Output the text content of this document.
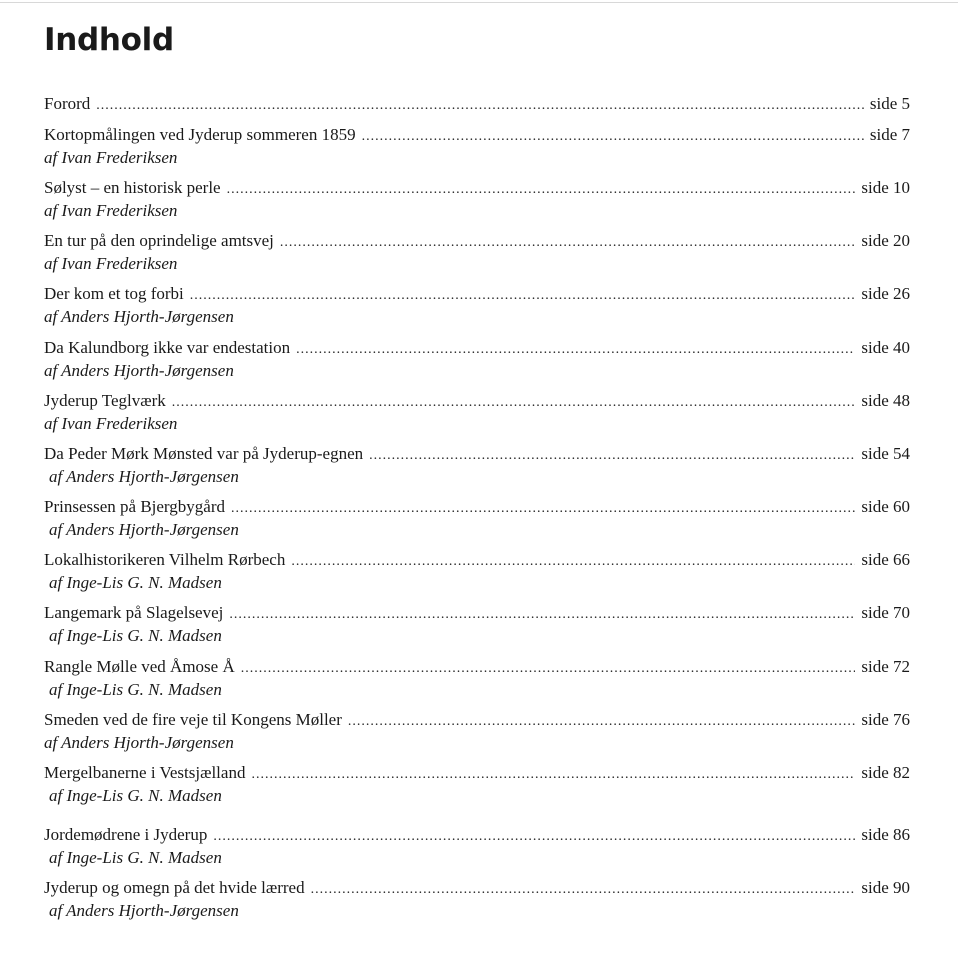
Indhold
Forord .....	side 5
Kortopmålingen ved Jyderup sommeren 1859 .....	side 7
af Ivan Frederiksen
Sølyst – en historisk perle .....	side 10
af Ivan Frederiksen
En tur på den oprindelige amtsvej .....	side 20
af Ivan Frederiksen
Der kom et tog forbi .....	side 26
af Anders Hjorth-Jørgensen
Da Kalundborg ikke var endestation .....	side 40
af Anders Hjorth-Jørgensen
Jyderup Teglværk .....	side 48
af Ivan Frederiksen
Da Peder Mørk Mønsted var på Jyderup-egnen .....	side 54
af Anders Hjorth-Jørgensen
Prinsessen på Bjergbygård .....	side 60
af Anders Hjorth-Jørgensen
Lokalhistorikeren Vilhelm Rørbech .....	side 66
af Inge-Lis G. N. Madsen
Langemark på Slagelsevej .....	side 70
af Inge-Lis G. N. Madsen
Rangle Mølle ved Åmose Å .....	side 72
af Inge-Lis G. N. Madsen
Smeden ved de fire veje til Kongens Møller .....	side 76
af Anders Hjorth-Jørgensen
Mergelbanerne i Vestsjælland .....	side 82
af Inge-Lis G. N. Madsen
Jordemødrene i Jyderup .....	side 86
af Inge-Lis G. N. Madsen
Jyderup og omegn på det hvide lærred .....	side 90
af Anders Hjorth-Jørgensen
